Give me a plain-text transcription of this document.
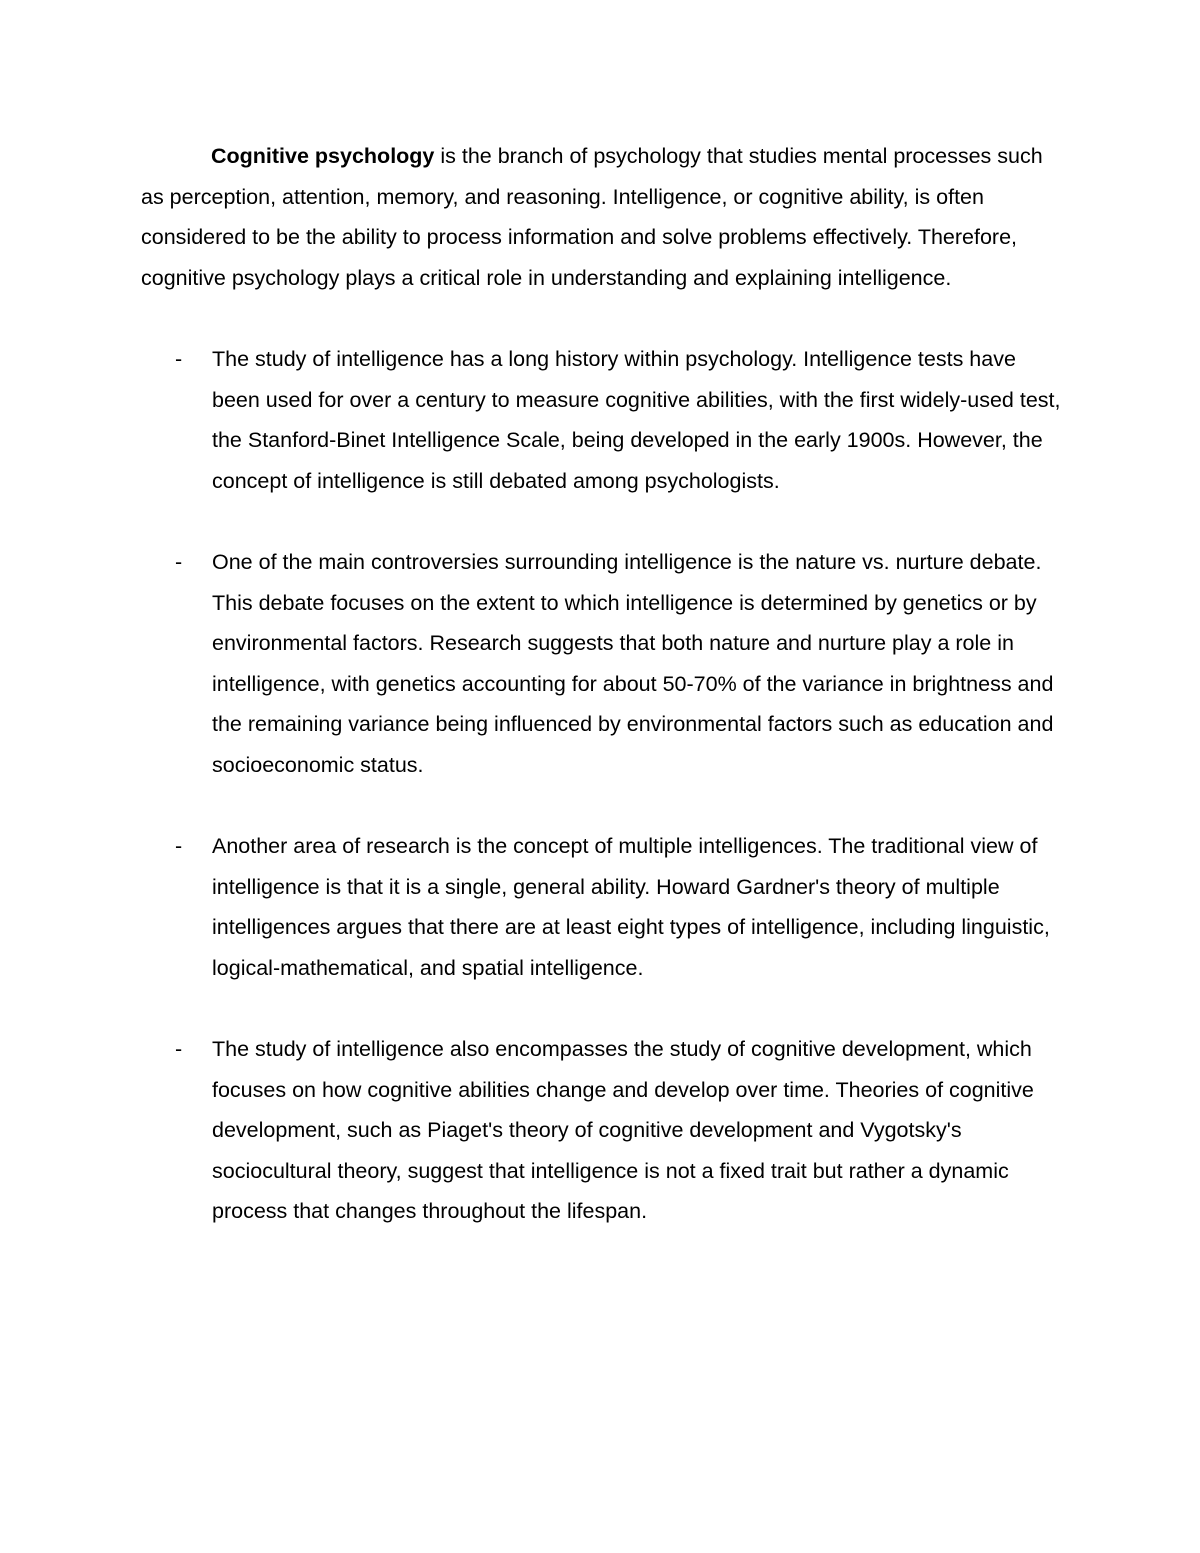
Cognitive psychology is the branch of psychology that studies mental processes such as perception, attention, memory, and reasoning. Intelligence, or cognitive ability, is often considered to be the ability to process information and solve problems effectively. Therefore, cognitive psychology plays a critical role in understanding and explaining intelligence.

- The study of intelligence has a long history within psychology. Intelligence tests have been used for over a century to measure cognitive abilities, with the first widely-used test, the Stanford-Binet Intelligence Scale, being developed in the early 1900s. However, the concept of intelligence is still debated among psychologists.
- One of the main controversies surrounding intelligence is the nature vs. nurture debate. This debate focuses on the extent to which intelligence is determined by genetics or by environmental factors. Research suggests that both nature and nurture play a role in intelligence, with genetics accounting for about 50-70% of the variance in brightness and the remaining variance being influenced by environmental factors such as education and socioeconomic status.
- Another area of research is the concept of multiple intelligences. The traditional view of intelligence is that it is a single, general ability. Howard Gardner's theory of multiple intelligences argues that there are at least eight types of intelligence, including linguistic, logical-mathematical, and spatial intelligence.
- The study of intelligence also encompasses the study of cognitive development, which focuses on how cognitive abilities change and develop over time. Theories of cognitive development, such as Piaget's theory of cognitive development and Vygotsky's sociocultural theory, suggest that intelligence is not a fixed trait but rather a dynamic process that changes throughout the lifespan.
